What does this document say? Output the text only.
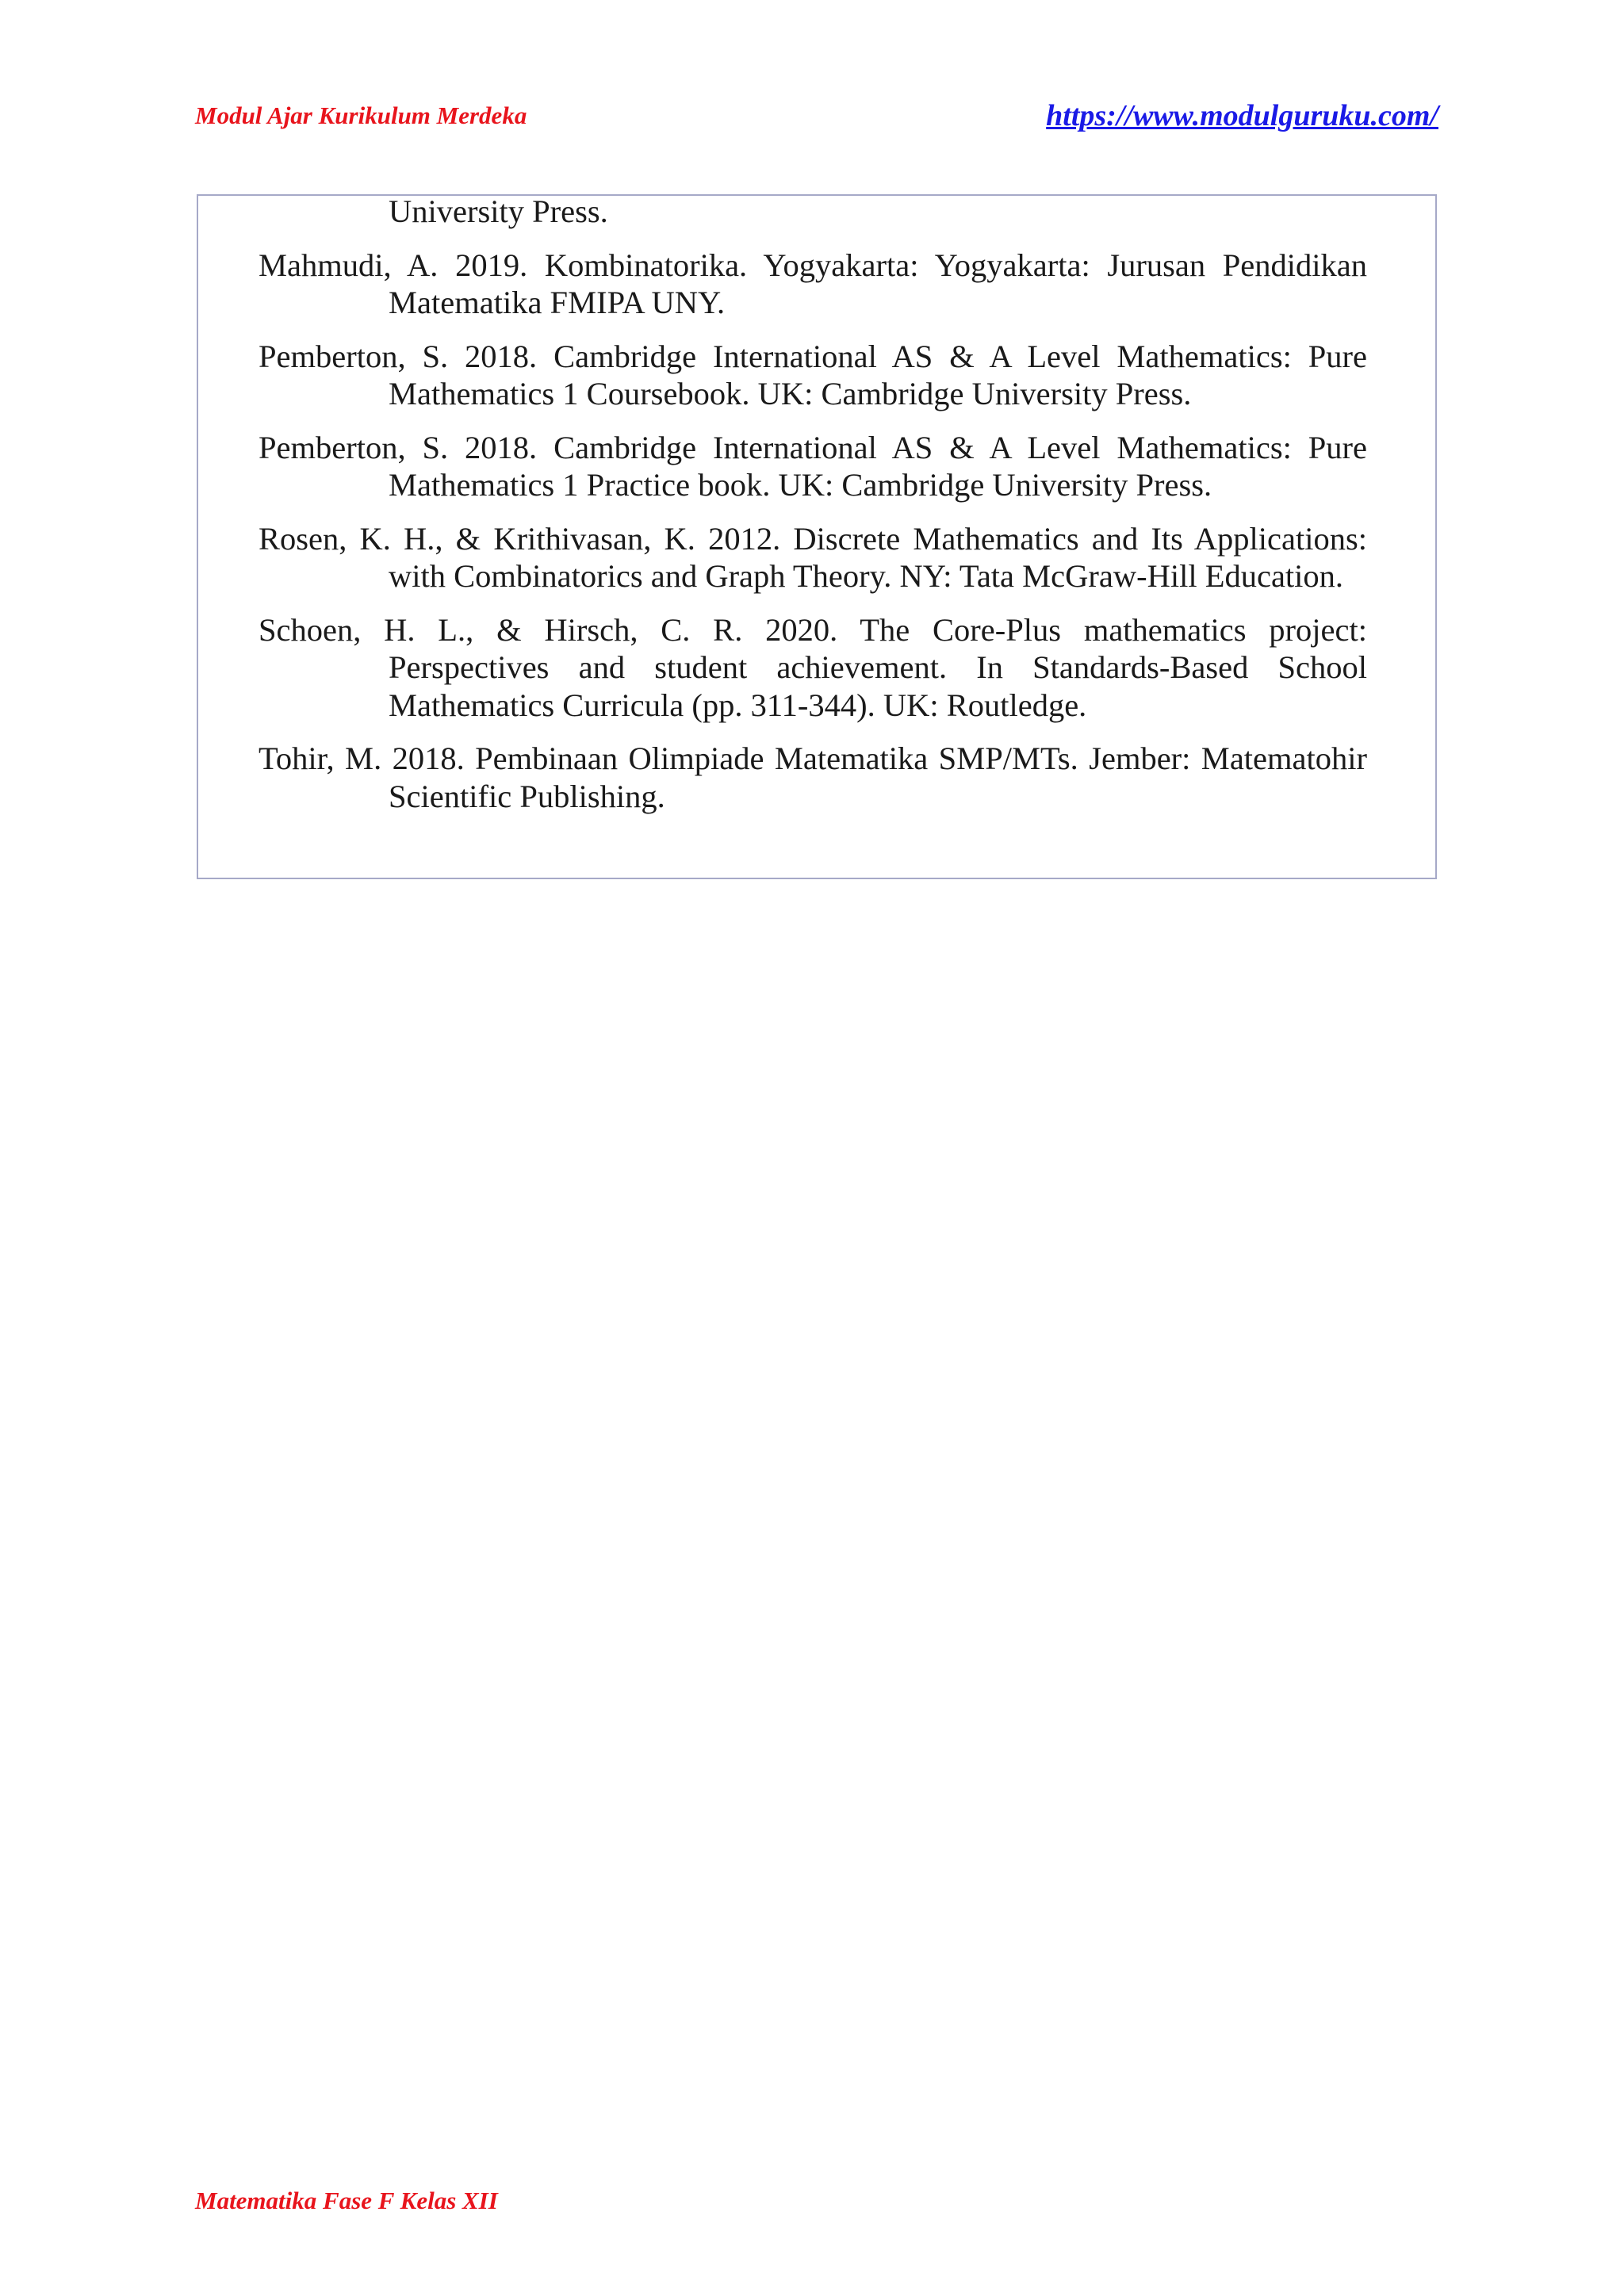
Modul Ajar Kurikulum Merdeka	https://www.modulguruku.com/
University Press.
Mahmudi, A. 2019. Kombinatorika. Yogyakarta: Yogyakarta: Jurusan Pendidikan Matematika FMIPA UNY.
Pemberton, S. 2018. Cambridge International AS & A Level Mathematics: Pure Mathematics 1 Coursebook. UK: Cambridge University Press.
Pemberton, S. 2018. Cambridge International AS & A Level Mathematics: Pure Mathematics 1 Practice book. UK: Cambridge University Press.
Rosen, K. H., & Krithivasan, K. 2012. Discrete Mathematics and Its Applications: with Combinatorics and Graph Theory. NY: Tata McGraw-Hill Education.
Schoen, H. L., & Hirsch, C. R. 2020. The Core-Plus mathematics project: Perspectives and student achievement. In Standards-Based School Mathematics Curricula (pp. 311-344). UK: Routledge.
Tohir, M. 2018. Pembinaan Olimpiade Matematika SMP/MTs. Jember: Matematohir Scientific Publishing.
Matematika Fase F Kelas XII
